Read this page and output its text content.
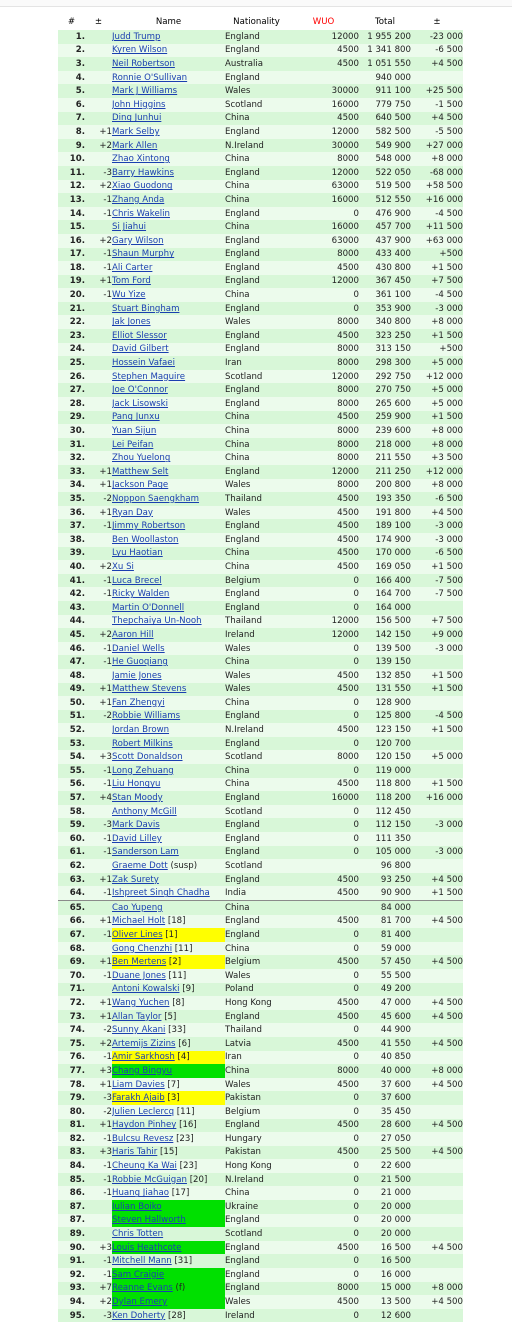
#	±	Name	Nationality	WUO	Total	±
1.		Judd Trump	England	12000	1 955 200	-23 000
2.		Kyren Wilson	England	4500	1 341 800	-6 500
3.		Neil Robertson	Australia	4500	1 051 550	+4 500
4.		Ronnie O'Sullivan	England		940 000	
5.		Mark J Williams	Wales	30000	911 100	+25 500
6.		John Higgins	Scotland	16000	779 750	-1 500
7.		Ding Junhui	China	4500	640 500	+4 500
8.	+1	Mark Selby	England	12000	582 500	-5 500
9.	+2	Mark Allen	N.Ireland	30000	549 900	+27 000
10.		Zhao Xintong	China	8000	548 000	+8 000
11.	-3	Barry Hawkins	England	12000	522 050	-68 000
12.	+2	Xiao Guodong	China	63000	519 500	+58 500
13.	-1	Zhang Anda	China	16000	512 550	+16 000
14.	-1	Chris Wakelin	England	0	476 900	-4 500
15.		Si Jiahui	China	16000	457 700	+11 500
16.	+2	Gary Wilson	England	63000	437 900	+63 000
17.	-1	Shaun Murphy	England	8000	433 400	+500
18.	-1	Ali Carter	England	4500	430 800	+1 500
19.	+1	Tom Ford	England	12000	367 450	+7 500
20.	-1	Wu Yize	China	0	361 100	-4 500
21.		Stuart Bingham	England	0	353 900	-3 000
22.		Jak Jones	Wales	8000	340 800	+8 000
23.		Elliot Slessor	England	4500	323 250	+1 500
24.		David Gilbert	England	8000	313 150	+500
25.		Hossein Vafaei	Iran	8000	298 300	+5 000
26.		Stephen Maguire	Scotland	12000	292 750	+12 000
27.		Joe O'Connor	England	8000	270 750	+5 000
28.		Jack Lisowski	England	8000	265 600	+5 000
29.		Pang Junxu	China	4500	259 900	+1 500
30.		Yuan Sijun	China	8000	239 600	+8 000
31.		Lei Peifan	China	8000	218 000	+8 000
32.		Zhou Yuelong	China	8000	211 550	+3 500
33.	+1	Matthew Selt	England	12000	211 250	+12 000
34.	+1	Jackson Page	Wales	8000	200 800	+8 000
35.	-2	Noppon Saengkham	Thailand	4500	193 350	-6 500
36.	+1	Ryan Day	Wales	4500	191 800	+4 500
37.	-1	Jimmy Robertson	England	4500	189 100	-3 000
38.		Ben Woollaston	England	4500	174 900	-3 000
39.		Lyu Haotian	China	4500	170 000	-6 500
40.	+2	Xu Si	China	4500	169 050	+1 500
41.	-1	Luca Brecel	Belgium	0	166 400	-7 500
42.	-1	Ricky Walden	England	0	164 700	-7 500
43.		Martin O'Donnell	England	0	164 000	
44.		Thepchaiya Un-Nooh	Thailand	12000	156 500	+7 500
45.	+2	Aaron Hill	Ireland	12000	142 150	+9 000
46.	-1	Daniel Wells	Wales	0	139 500	-3 000
47.	-1	He Guoqiang	China	0	139 150	
48.		Jamie Jones	Wales	4500	132 850	+1 500
49.	+1	Matthew Stevens	Wales	4500	131 550	+1 500
50.	+1	Fan Zhengyi	China	0	128 900	
51.	-2	Robbie Williams	England	0	125 800	-4 500
52.		Jordan Brown	N.Ireland	4500	123 150	+1 500
53.		Robert Milkins	England	0	120 700	
54.	+3	Scott Donaldson	Scotland	8000	120 150	+5 000
55.	-1	Long Zehuang	China	0	119 000	
56.	-1	Liu Hongyu	China	4500	118 800	+1 500
57.	+4	Stan Moody	England	16000	118 200	+16 000
58.		Anthony McGill	Scotland	0	112 450	
59.	-3	Mark Davis	England	0	112 150	-3 000
60.	-1	David Lilley	England	0	111 350	
61.	-1	Sanderson Lam	England	0	105 000	-3 000
62.		Graeme Dott (susp)	Scotland		96 800	
63.	+1	Zak Surety	England	4500	93 250	+4 500
64.	-1	Ishpreet Singh Chadha	India	4500	90 900	+1 500
65.		Cao Yupeng	China		84 000	
66.	+1	Michael Holt [18]	England	4500	81 700	+4 500
67.	-1	Oliver Lines [1]	England	0	81 400	
68.		Gong Chenzhi [11]	China	0	59 000	
69.	+1	Ben Mertens [2]	Belgium	4500	57 450	+4 500
70.	-1	Duane Jones [11]	Wales	0	55 500	
71.		Antoni Kowalski [9]	Poland	0	49 200	
72.	+1	Wang Yuchen [8]	Hong Kong	4500	47 000	+4 500
73.	+1	Allan Taylor [5]	England	4500	45 600	+4 500
74.	-2	Sunny Akani [33]	Thailand	0	44 900	
75.	+2	Artemijs Zizins [6]	Latvia	4500	41 550	+4 500
76.	-1	Amir Sarkhosh [4]	Iran	0	40 850	
77.	+3	Chang Bingyu	China	8000	40 000	+8 000
78.	+1	Liam Davies [7]	Wales	4500	37 600	+4 500
79.	-3	Farakh Ajaib [3]	Pakistan	0	37 600	
80.	-2	Julien Leclercq [11]	Belgium	0	35 450	
81.	+1	Haydon Pinhey [16]	England	4500	28 600	+4 500
82.	-1	Bulcsu Revesz [23]	Hungary	0	27 050	
83.	+3	Haris Tahir [15]	Pakistan	4500	25 500	+4 500
84.	-1	Cheung Ka Wai [23]	Hong Kong	0	22 600	
85.	-1	Robbie McGuigan [20]	N.Ireland	0	21 500	
86.	-1	Huang Jiahao [17]	China	0	21 000	
87.		Iulian Boiko	Ukraine	0	20 000	
87.		Steven Hallworth	England	0	20 000	
89.		Chris Totten	Scotland	0	20 000	
90.	+3	Louis Heathcote	England	4500	16 500	+4 500
91.	-1	Mitchell Mann [31]	England	0	16 500	
92.	-1	Sam Craigie	England	0	16 000	
93.	+7	Reanne Evans (f)	England	8000	15 000	+8 000
94.	+2	Dylan Emery	Wales	4500	13 500	+4 500
95.	-3	Ken Doherty [28]	Ireland	0	12 600	
